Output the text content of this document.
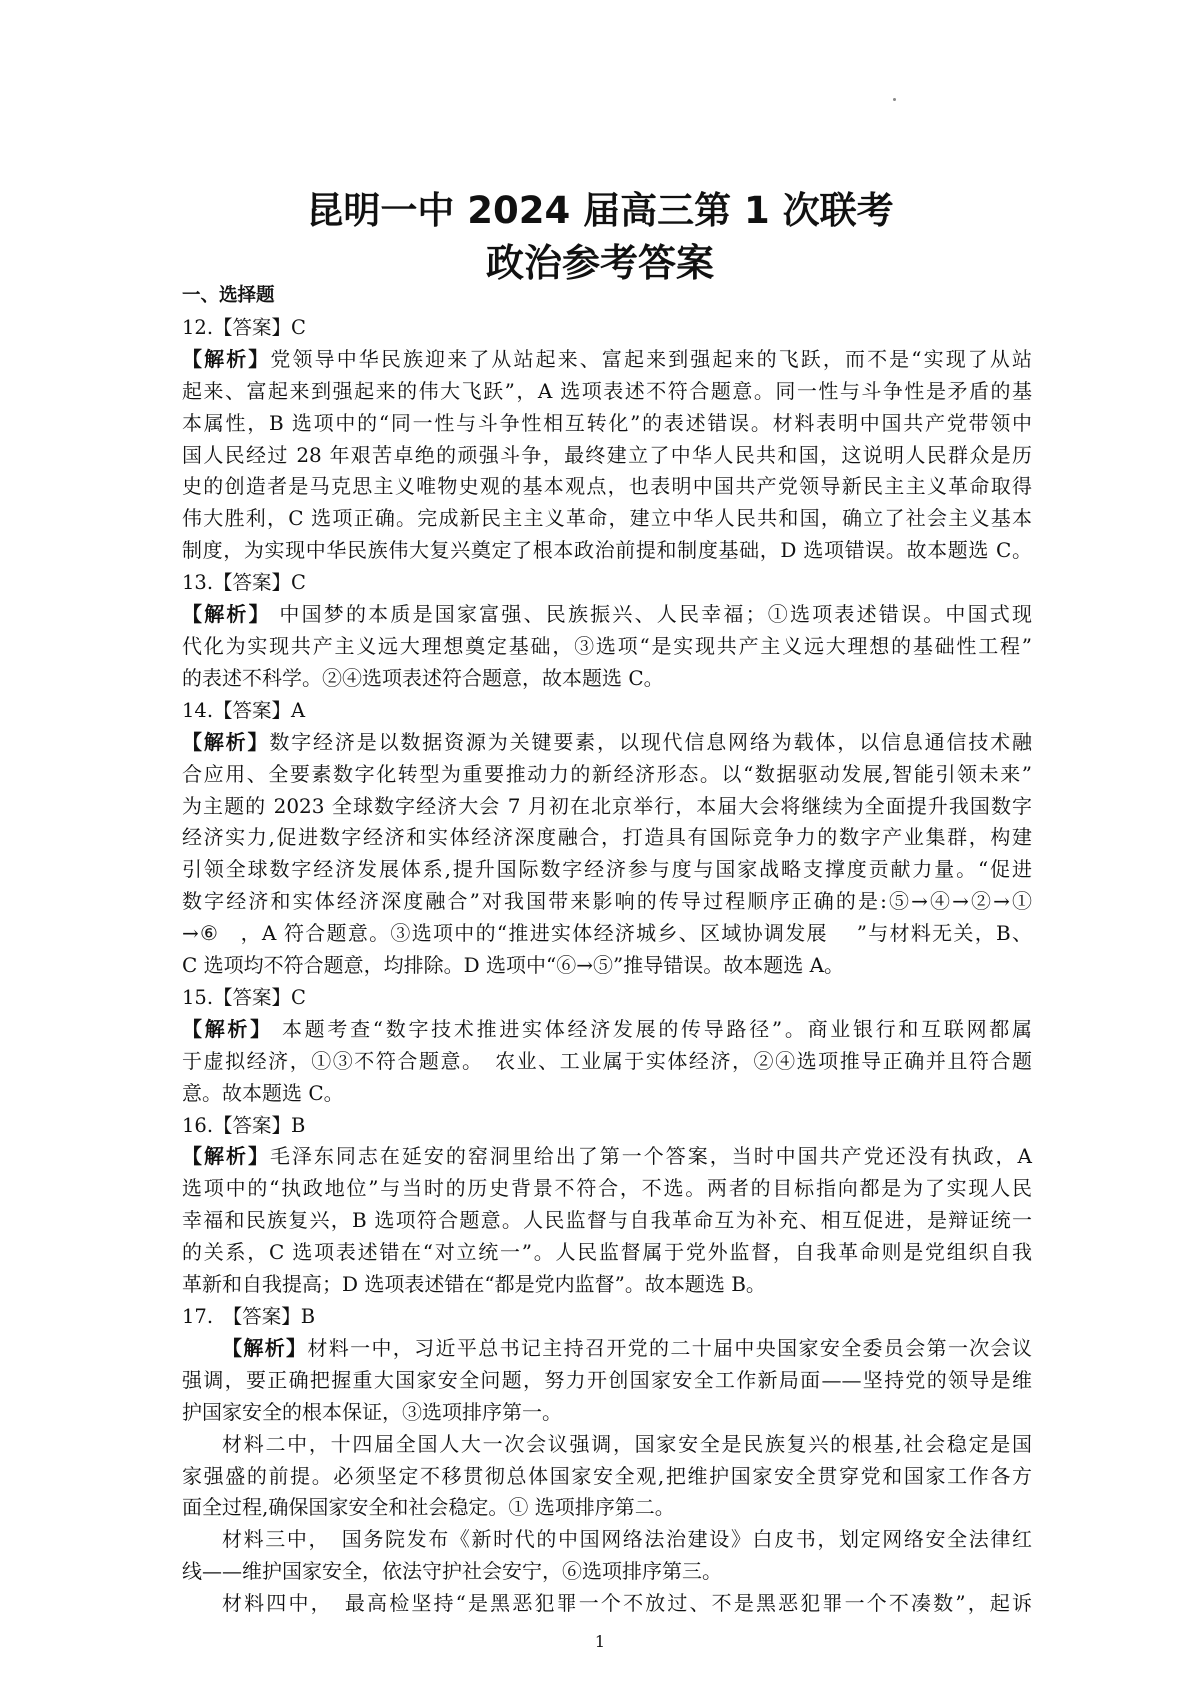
昆明一中 2024 届高三第 1 次联考
政治参考答案
一、选择题
12.【答案】C
【解析】党领导中华民族迎来了从站起来、富起来到强起来的飞跃，而不是“实现了从站
起来、富起来到强起来的伟大飞跃”，A 选项表述不符合题意。同一性与斗争性是矛盾的基
本属性，B 选项中的“同一性与斗争性相互转化”的表述错误。材料表明中国共产党带领中
国人民经过 28 年艰苦卓绝的顽强斗争，最终建立了中华人民共和国，这说明人民群众是历
史的创造者是马克思主义唯物史观的基本观点，也表明中国共产党领导新民主主义革命取得
伟大胜利，C 选项正确。完成新民主主义革命，建立中华人民共和国，确立了社会主义基本
制度，为实现中华民族伟大复兴奠定了根本政治前提和制度基础，D 选项错误。故本题选 C。
13.【答案】C
【解析】 中国梦的本质是国家富强、民族振兴、人民幸福；①选项表述错误。中国式现
代化为实现共产主义远大理想奠定基础，③选项“是实现共产主义远大理想的基础性工程”
的表述不科学。②④选项表述符合题意，故本题选 C。
14.【答案】A
【解析】数字经济是以数据资源为关键要素，以现代信息网络为载体，以信息通信技术融
合应用、全要素数字化转型为重要推动力的新经济形态。以“数据驱动发展,智能引领未来”
为主题的 2023 全球数字经济大会 7 月初在北京举行，本届大会将继续为全面提升我国数字
经济实力,促进数字经济和实体经济深度融合，打造具有国际竞争力的数字产业集群，构建
引领全球数字经济发展体系,提升国际数字经济参与度与国家战略支撑度贡献力量。“促进
数字经济和实体经济深度融合”对我国带来影响的传导过程顺序正确的是:⑤→④→②→①
→⑥　，A 符合题意。③选项中的“推进实体经济城乡、区域协调发展　 ”与材料无关，B、
C 选项均不符合题意，均排除。D 选项中“⑥→⑤”推导错误。故本题选 A。
15.【答案】C
【解析】 本题考查“数字技术推进实体经济发展的传导路径”。商业银行和互联网都属
于虚拟经济，①③不符合题意。　农业、工业属于实体经济，②④选项推导正确并且符合题
意。故本题选 C。
16.【答案】B
【解析】毛泽东同志在延安的窑洞里给出了第一个答案，当时中国共产党还没有执政，A
选项中的“执政地位”与当时的历史背景不符合，不选。两者的目标指向都是为了实现人民
幸福和民族复兴，B 选项符合题意。人民监督与自我革命互为补充、相互促进，是辩证统一
的关系，C 选项表述错在“对立统一”。人民监督属于党外监督，自我革命则是党组织自我
革新和自我提高；D 选项表述错在“都是党内监督”。故本题选 B。
17.　【答案】B
【解析】材料一中，习近平总书记主持召开党的二十届中央国家安全委员会第一次会议
强调，要正确把握重大国家安全问题，努力开创国家安全工作新局面——坚持党的领导是维
护国家安全的根本保证，③选项排序第一。
材料二中，十四届全国人大一次会议强调，国家安全是民族复兴的根基,社会稳定是国
家强盛的前提。必须坚定不移贯彻总体国家安全观,把维护国家安全贯穿党和国家工作各方
面全过程,确保国家安全和社会稳定。① 选项排序第二。
材料三中，　国务院发布《新时代的中国网络法治建设》白皮书，划定网络安全法律红
线——维护国家安全，依法守护社会安宁，⑥选项排序第三。
材料四中，　最高检坚持“是黑恶犯罪一个不放过、不是黑恶犯罪一个不凑数”，起诉
1
